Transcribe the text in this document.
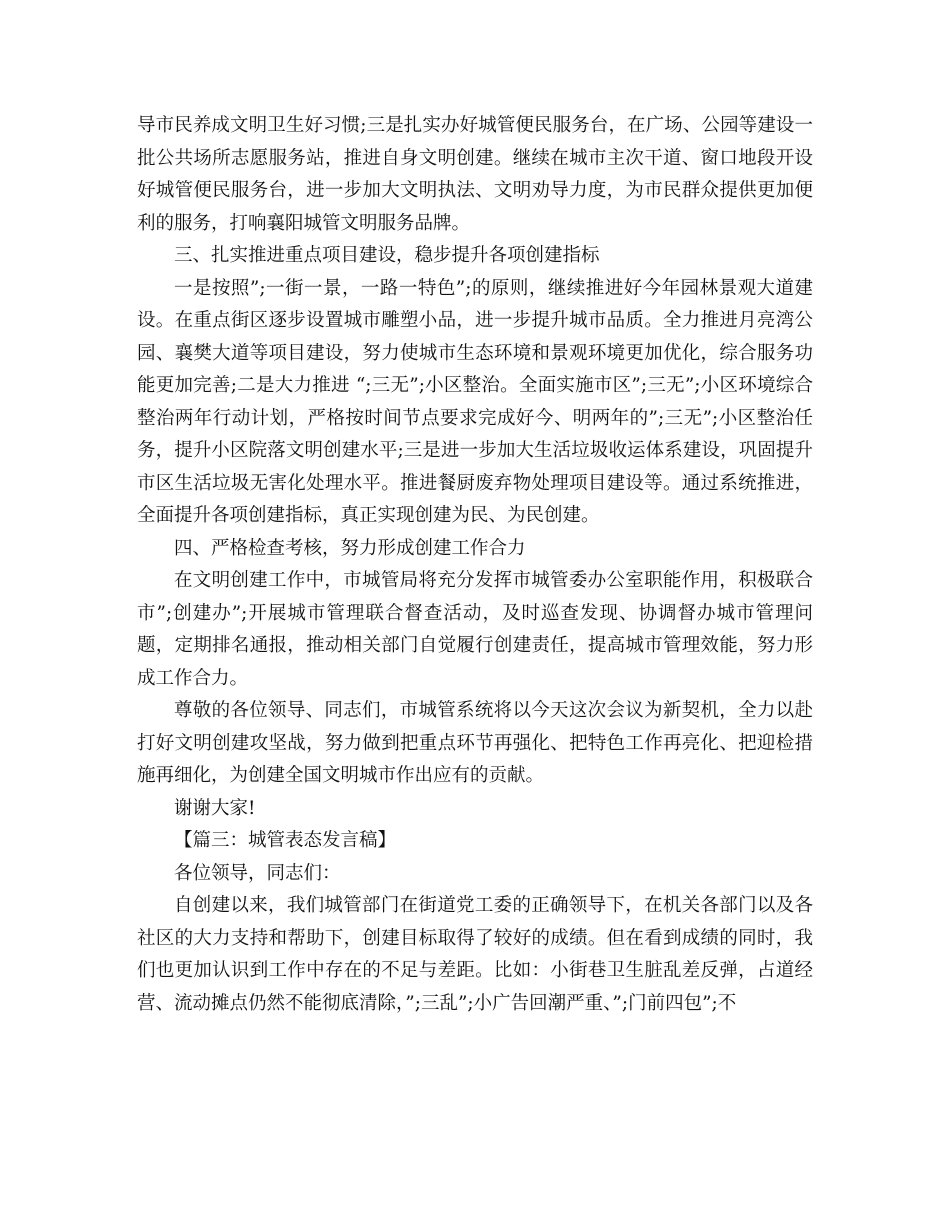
导市民养成文明卫生好习惯;三是扎实办好城管便民服务台，在广场、公园等建设一批公共场所志愿服务站，推进自身文明创建。继续在城市主次干道、窗口地段开设好城管便民服务台，进一步加大文明执法、文明劝导力度，为市民群众提供更加便利的服务，打响襄阳城管文明服务品牌。

三、扎实推进重点项目建设，稳步提升各项创建指标

一是按照”;一街一景，一路一特色”;的原则，继续推进好今年园林景观大道建设。在重点街区逐步设置城市雕塑小品，进一步提升城市品质。全力推进月亮湾公园、襄樊大道等项目建设，努力使城市生态环境和景观环境更加优化，综合服务功能更加完善;二是大力推进 “;三无”;小区整治。全面实施市区”;三无”;小区环境综合整治两年行动计划，严格按时间节点要求完成好今、明两年的”;三无”;小区整治任务，提升小区院落文明创建水平;三是进一步加大生活垃圾收运体系建设，巩固提升市区生活垃圾无害化处理水平。推进餐厨废弃物处理项目建设等。通过系统推进，全面提升各项创建指标，真正实现创建为民、为民创建。

四、严格检查考核，努力形成创建工作合力

在文明创建工作中，市城管局将充分发挥市城管委办公室职能作用，积极联合市”;创建办”;开展城市管理联合督查活动，及时巡查发现、协调督办城市管理问题，定期排名通报，推动相关部门自觉履行创建责任，提高城市管理效能，努力形成工作合力。

尊敬的各位领导、同志们，市城管系统将以今天这次会议为新契机，全力以赴打好文明创建攻坚战，努力做到把重点环节再强化、把特色工作再亮化、把迎检措施再细化，为创建全国文明城市作出应有的贡献。

谢谢大家!

【篇三：城管表态发言稿】

各位领导，同志们：

自创建以来，我们城管部门在街道党工委的正确领导下，在机关各部门以及各社区的大力支持和帮助下，创建目标取得了较好的成绩。但在看到成绩的同时，我们也更加认识到工作中存在的不足与差距。比如：小街巷卫生脏乱差反弹，占道经营、流动摊点仍然不能彻底清除，”;三乱”;小广告回潮严重、”;门前四包”;不
